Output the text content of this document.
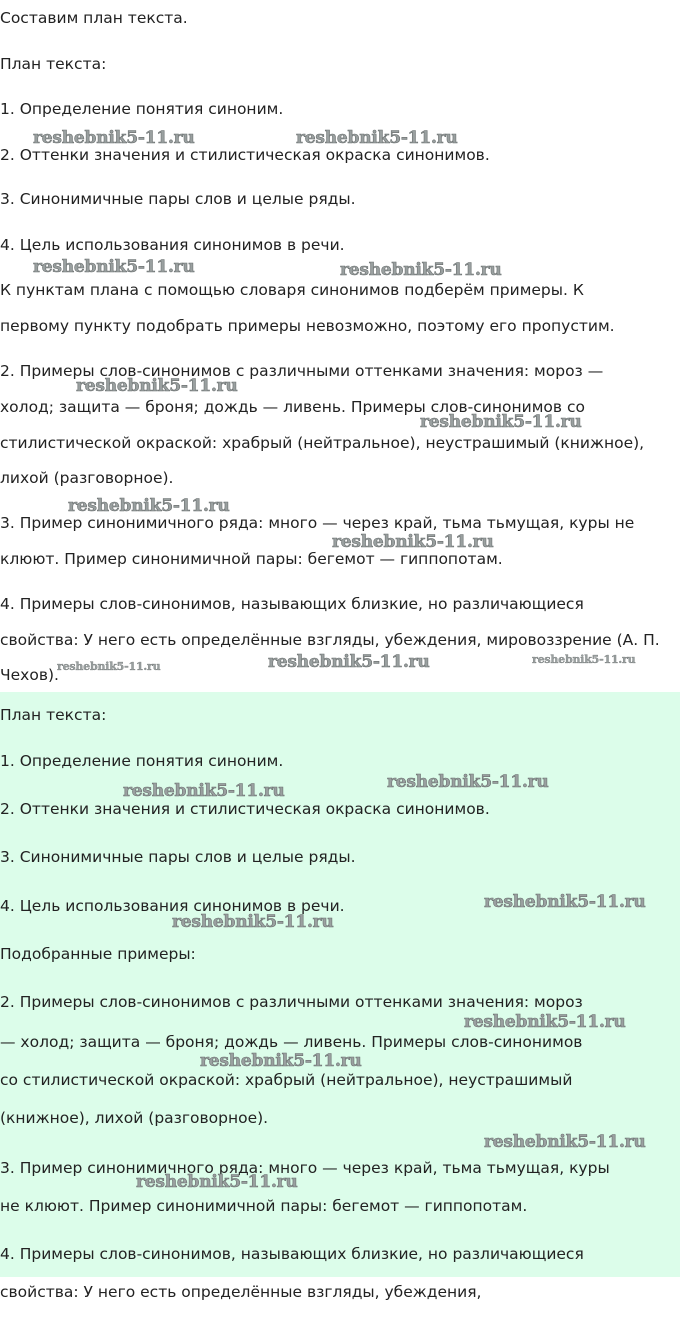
Составим план текста.
План текста:
1. Определение понятия синоним.
2. Оттенки значения и стилистическая окраска синонимов.
3. Синонимичные пары слов и целые ряды.
4. Цель использования синонимов в речи.
К пунктам плана с помощью словаря синонимов подберём примеры. К
первому пункту подобрать примеры невозможно, поэтому его пропустим.
2. Примеры слов-синонимов с различными оттенками значения: мороз —
холод; защита — броня; дождь — ливень. Примеры слов-синонимов со
стилистической окраской: храбрый (нейтральное), неустрашимый (книжное),
лихой (разговорное).
3. Пример синонимичного ряда: много — через край, тьма тьмущая, куры не
клюют. Пример синонимичной пары: бегемот — гиппопотам.
4. Примеры слов-синонимов, называющих близкие, но различающиеся
свойства: У него есть определённые взгляды, убеждения, мировоззрение (А. П.
Чехов).
reshebnik5-11.ru	reshebnik5-11.ru
reshebnik5-11.ru	reshebnik5-11.ru
reshebnik5-11.ru
reshebnik5-11.ru
reshebnik5-11.ru
reshebnik5-11.ru
reshebnik5-11.ru	reshebnik5-11.ru	reshebnik5-11.ru
План текста:
1. Определение понятия синоним.
2. Оттенки значения и стилистическая окраска синонимов.
3. Синонимичные пары слов и целые ряды.
4. Цель использования синонимов в речи.
Подобранные примеры:
2. Примеры слов-синонимов с различными оттенками значения: мороз
— холод; защита — броня; дождь — ливень. Примеры слов-синонимов
со стилистической окраской: храбрый (нейтральное), неустрашимый
(книжное), лихой (разговорное).
3. Пример синонимичного ряда: много — через край, тьма тьмущая, куры
не клюют. Пример синонимичной пары: бегемот — гиппопотам.
4. Примеры слов-синонимов, называющих близкие, но различающиеся
свойства: У него есть определённые взгляды, убеждения,
reshebnik5-11.ru	reshebnik5-11.ru
reshebnik5-11.ru
reshebnik5-11.ru
reshebnik5-11.ru
reshebnik5-11.ru
reshebnik5-11.ru
reshebnik5-11.ru
